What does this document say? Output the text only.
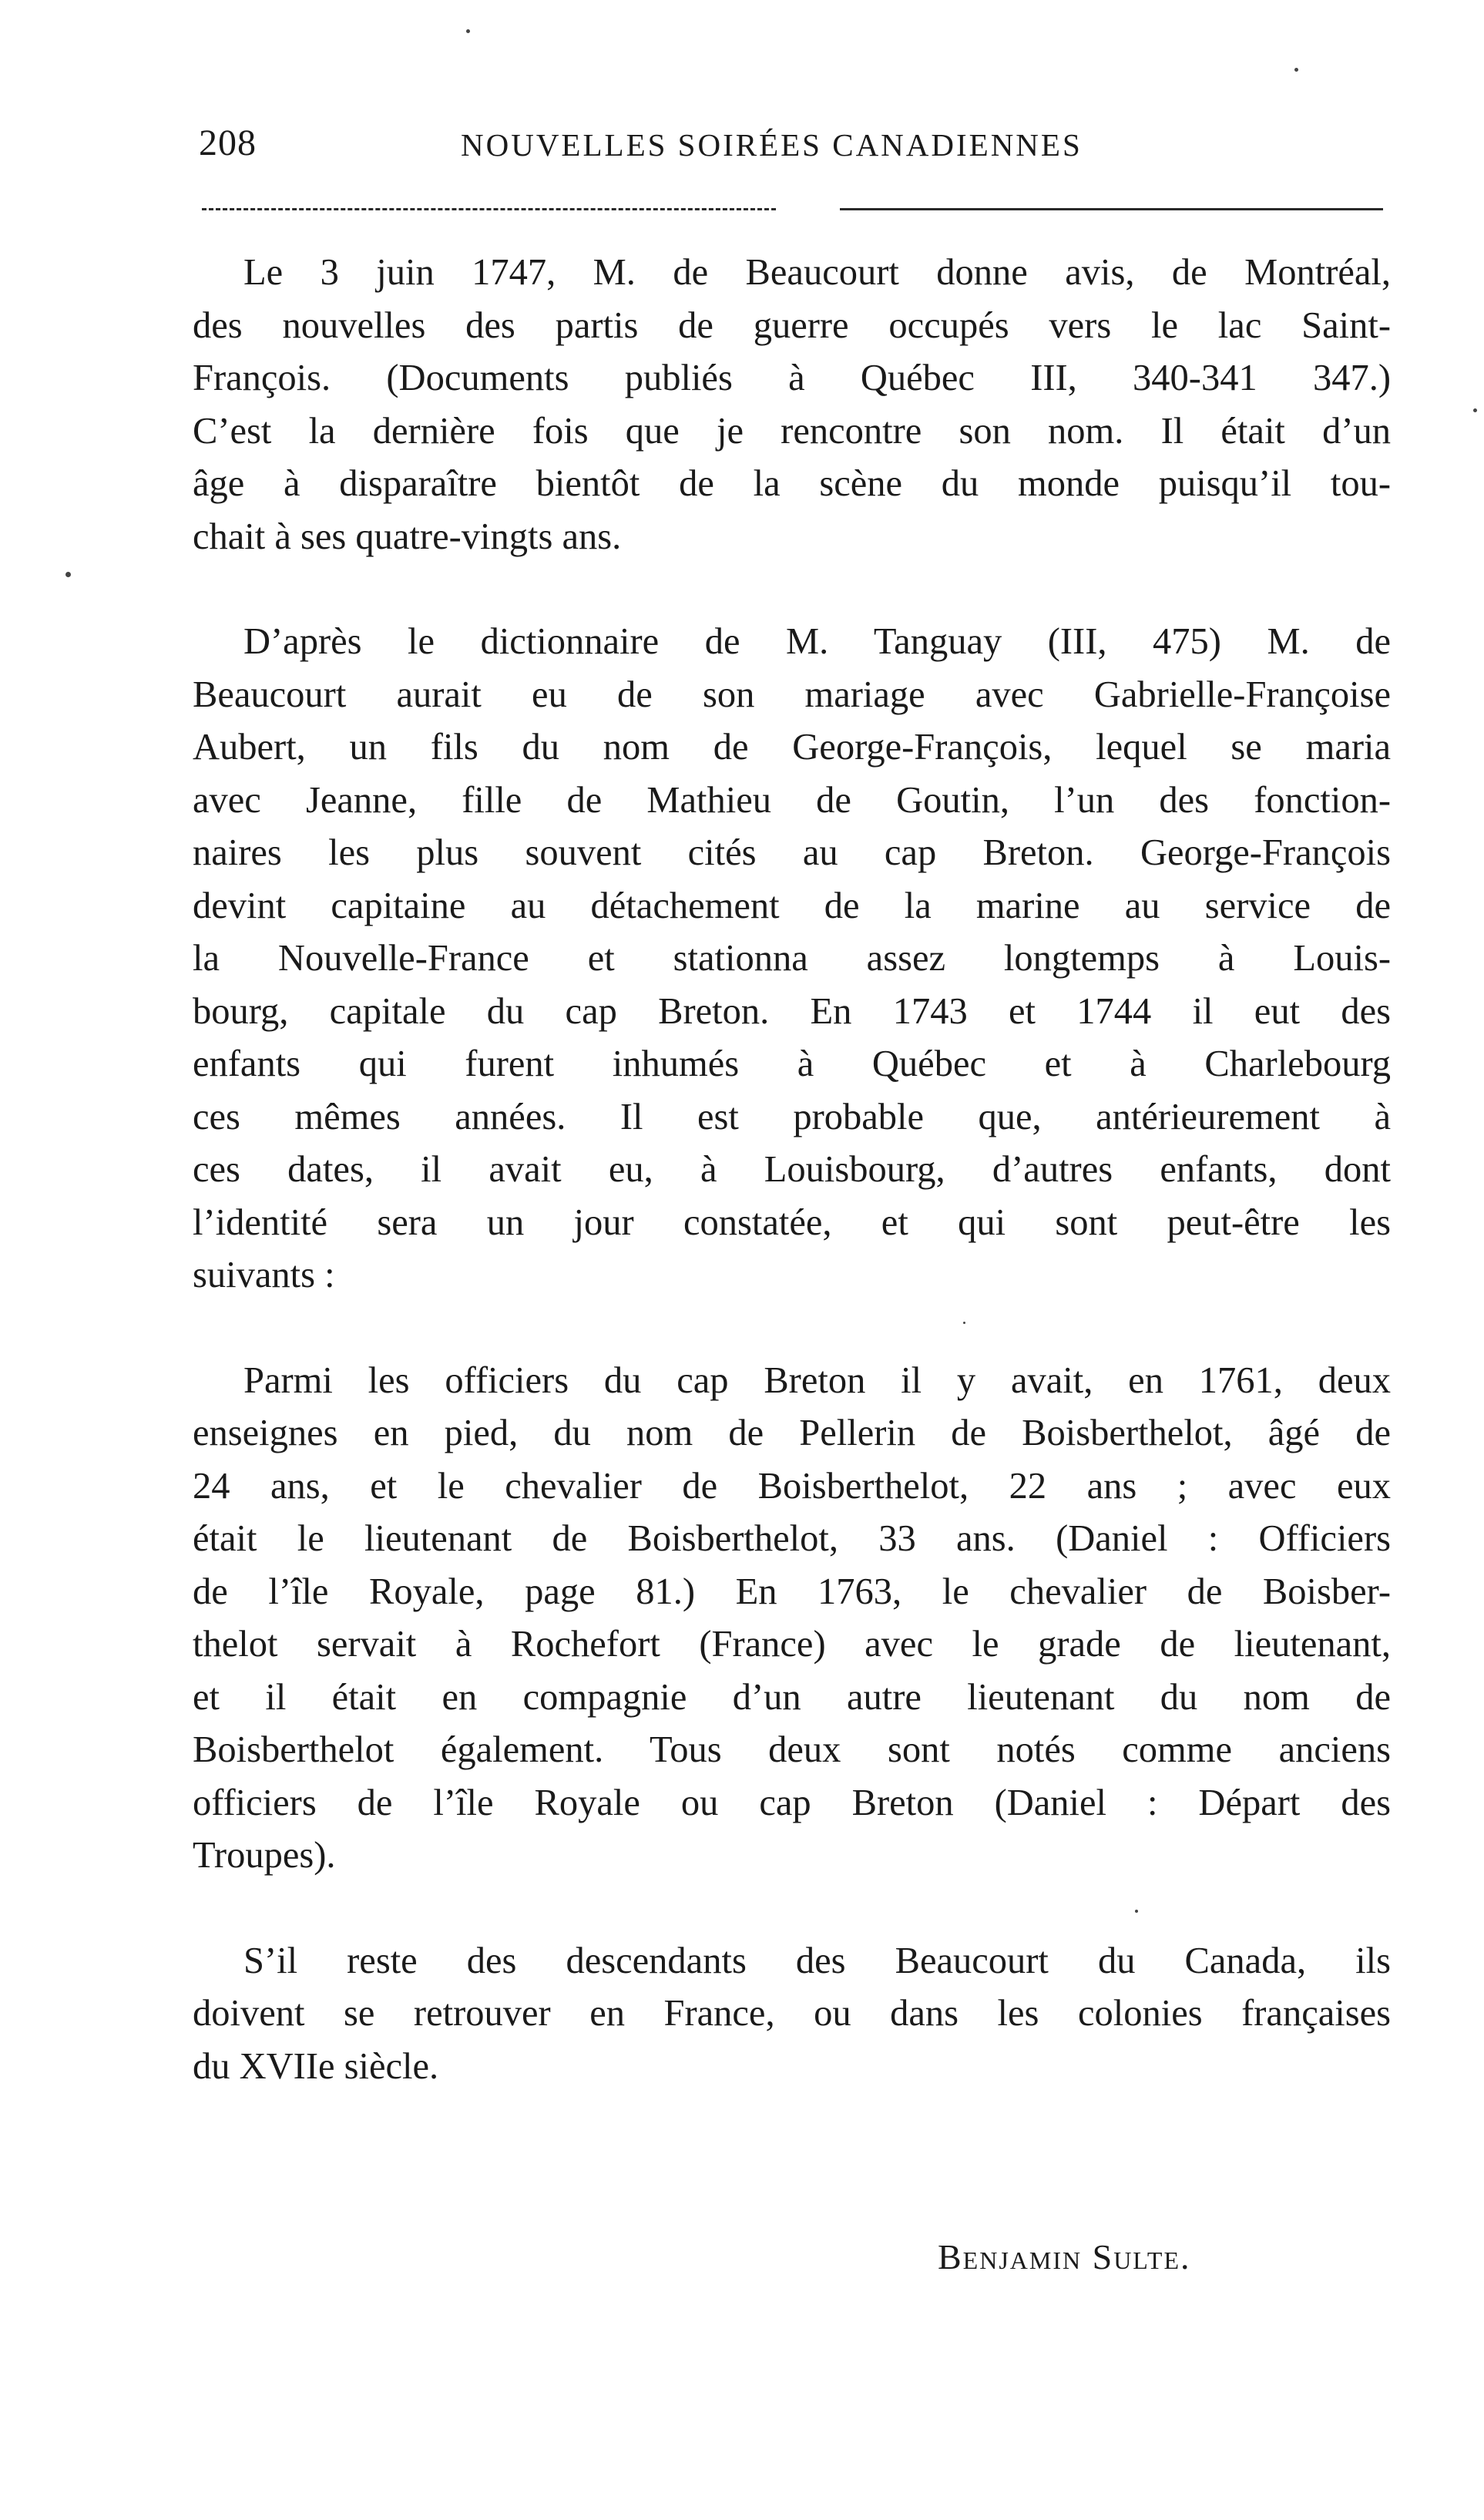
208	NOUVELLES SOIRÉES CANADIENNES
Le 3 juin 1747, M. de Beaucourt donne avis, de Montréal,
des nouvelles des partis de guerre occupés vers le lac Saint-
François. (Documents publiés à Québec III, 340-341 347.)
C’est la dernière fois que je rencontre son nom. Il était d’un
âge à disparaître bientôt de la scène du monde puisqu’il tou-
chait à ses quatre-vingts ans.
D’après le dictionnaire de M. Tanguay (III, 475) M. de
Beaucourt aurait eu de son mariage avec Gabrielle-Françoise
Aubert, un fils du nom de George-François, lequel se maria
avec Jeanne, fille de Mathieu de Goutin, l’un des fonction-
naires les plus souvent cités au cap Breton. George-François
devint capitaine au détachement de la marine au service de
la Nouvelle-France et stationna assez longtemps à Louis-
bourg, capitale du cap Breton. En 1743 et 1744 il eut des
enfants qui furent inhumés à Québec et à Charlebourg
ces mêmes années. Il est probable que, antérieurement à
ces dates, il avait eu, à Louisbourg, d’autres enfants, dont
l’identité sera un jour constatée, et qui sont peut-être les
suivants :
Parmi les officiers du cap Breton il y avait, en 1761, deux
enseignes en pied, du nom de Pellerin de Boisberthelot, âgé de
24 ans, et le chevalier de Boisberthelot, 22 ans ; avec eux
était le lieutenant de Boisberthelot, 33 ans. (Daniel : Officiers
de l’île Royale, page 81.) En 1763, le chevalier de Boisber-
thelot servait à Rochefort (France) avec le grade de lieutenant,
et il était en compagnie d’un autre lieutenant du nom de
Boisberthelot également. Tous deux sont notés comme anciens
officiers de l’île Royale ou cap Breton (Daniel : Départ des
Troupes).
S’il reste des descendants des Beaucourt du Canada, ils
doivent se retrouver en France, ou dans les colonies françaises
du XVIIe siècle.
Benjamin Sulte.
